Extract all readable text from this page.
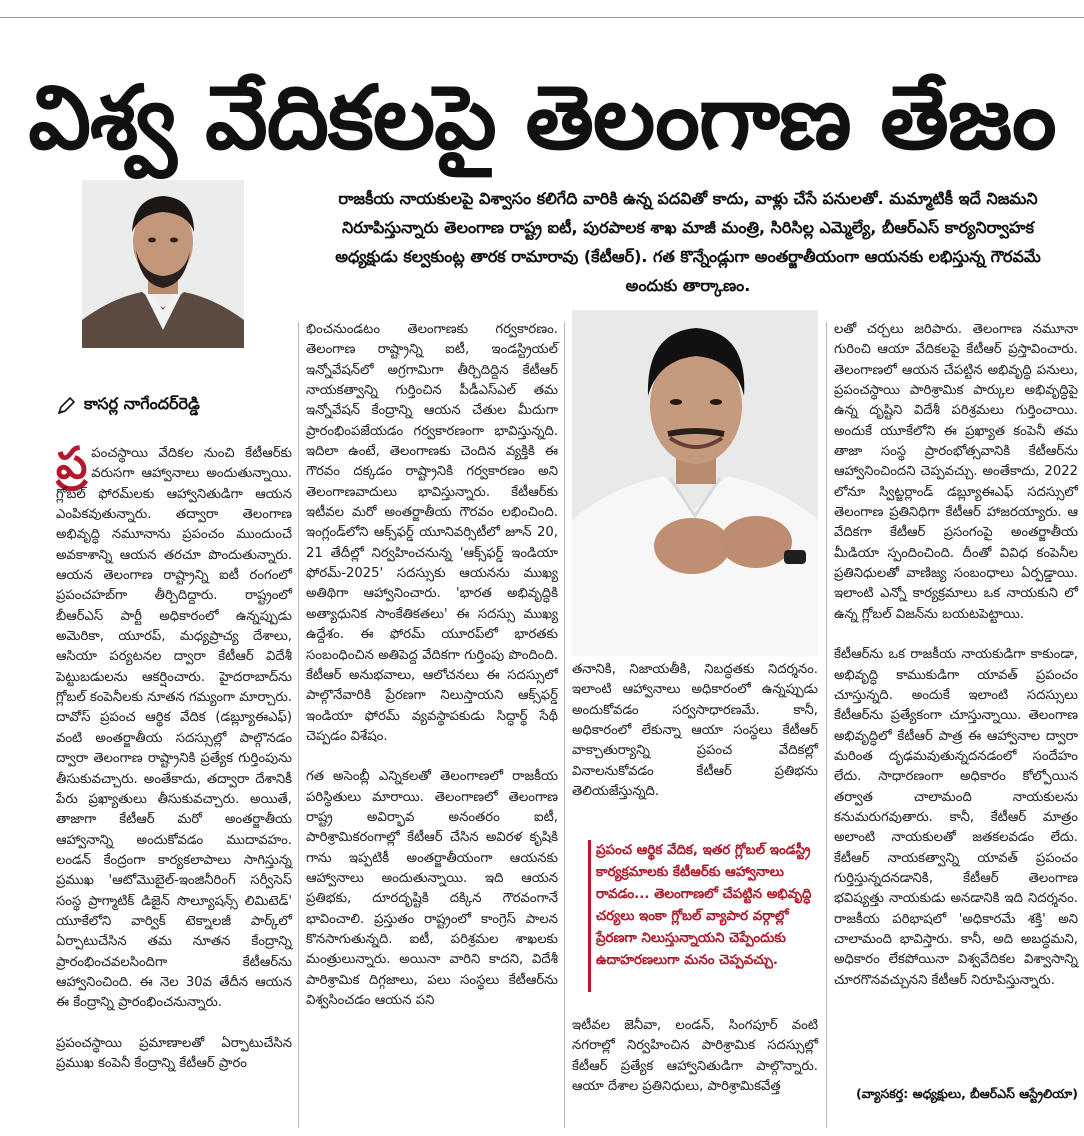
విశ్వ వేదికలపై తెలంగాణ తేజం
కాసర్ల నాగేందర్‌రెడ్డి

రాజకీయ నాయకులపై విశ్వాసం కలిగేది వారికి ఉన్న పదవితో కాదు, వాళ్లు చేసే పనులతో. మమ్మాటికీ ఇదే నిజమని నిరూపిస్తున్నారు తెలంగాణ రాష్ట్ర ఐటీ, పురపాలక శాఖ మాజీ మంత్రి, సిరిసిల్ల ఎమ్మెల్యే, బీఆర్‌ఎస్ కార్యనిర్వాహక అధ్యక్షుడు కల్వకుంట్ల తారక రామారావు (కేటీఆర్). గత కొన్నేండ్లుగా అంతర్జాతీయంగా ఆయనకు లభిస్తున్న గౌరవమే అందుకు తార్కాణం.

ప్ర పంచస్థాయి వేదికల నుంచి కేటీఆర్‌కు వరుసగా ఆహ్వానాలు అందుతున్నాయి. గ్లోబల్ ఫోరమ్‌లకు ఆహ్వానితుడిగా ఆయన ఎంపికవుతున్నారు. తద్వారా తెలంగాణ అభివృద్ధి నమూనాను ప్రపంచం ముందుంచే అవకాశాన్ని ఆయన తరచూ పొందుతున్నారు. ఆయన తెలంగాణ రాష్ట్రాన్ని ఐటీ రంగంలో ప్రపంచహబ్‌గా తీర్చిదిద్దారు. రాష్ట్రంలో బీఆర్‌ఎస్ పార్టీ అధికారంలో ఉన్నప్పుడు అమెరికా, యూరప్, మధ్యప్రాచ్య దేశాలు, ఆసియా పర్యటనల ద్వారా కేటీఆర్ విదేశీ పెట్టుబడులను ఆకర్షించారు. హైదరాబాద్‌ను గ్లోబల్ కంపెనీలకు నూతన గమ్యంగా మార్చారు. దావోస్ ప్రపంచ ఆర్థిక వేదిక (డబ్ల్యూఈఎఫ్) వంటి అంతర్జాతీయ సదస్సుల్లో పాల్గొనడం ద్వారా తెలంగాణ రాష్ట్రానికి ప్రత్యేక గుర్తింపును తీసుకువచ్చారు. అంతేకాదు, తద్వారా దేశానికీ పేరు ప్రఖ్యాతులు తీసుకువచ్చారు. అయితే, తాజాగా కేటీఆర్ మరో అంతర్జాతీయ ఆహ్వానాన్ని అందుకోవడం ముదావహం. లండన్ కేంద్రంగా కార్యకలాపాలు సాగిస్తున్న ప్రముఖ 'ఆటోమొబైల్-ఇంజినీరింగ్ సర్వీసెస్ సంస్థ ప్రాగ్మాటిక్ డిజైన్ సొల్యూషన్స్ లిమిటెడ్' యూకేలోని వార్విక్ టెక్నాలజీ పార్క్‌లో ఏర్పాటుచేసిన తమ నూతన కేంద్రాన్ని ప్రారంభించవలసిందిగా కేటీఆర్‌ను ఆహ్వానించింది. ఈ నెల 30వ తేదీన ఆయన ఈ కేంద్రాన్ని ప్రారంభించనున్నారు.

ప్రపంచస్థాయి ప్రమాణాలతో ఏర్పాటుచేసిన ప్రముఖ కంపెనీ కేంద్రాన్ని కేటీఆర్ ప్రారం

భించనుండటం తెలంగాణకు గర్వకారణం. తెలంగాణ రాష్ట్రాన్ని ఐటీ, ఇండస్ట్రియల్ ఇన్నోవేషన్‌లో అగ్రగామిగా తీర్చిదిద్దిన కేటీఆర్ నాయకత్వాన్ని గుర్తించిన పీడీఎస్‌ఎల్ తమ ఇన్నోవేషన్ కేంద్రాన్ని ఆయన చేతుల మీదుగా ప్రారంభింపజేయడం గర్వకారణంగా భావిస్తున్నది. ఇదిలా ఉంటే, తెలంగాణకు చెందిన వ్యక్తికి ఈ గౌరవం దక్కడం రాష్ట్రానికి గర్వకారణం అని తెలంగాణవాదులు భావిస్తున్నారు. కేటీఆర్‌కు ఇటీవల మరో అంతర్జాతీయ గౌరవం లభించింది. ఇంగ్లండ్‌లోని ఆక్స్‌ఫర్డ్ యూనివర్సిటీలో జూన్ 20, 21 తేదీల్లో నిర్వహించనున్న 'ఆక్స్‌ఫర్డ్ ఇండియా ఫోరమ్-2025' సదస్సుకు ఆయనను ముఖ్య అతిథిగా ఆహ్వానించారు. 'భారత అభివృద్ధికి అత్యాధునిక సాంకేతికతలు' ఈ సదస్సు ముఖ్య ఉద్దేశం. ఈ ఫోరమ్ యూరప్‌లో భారతకు సంబంధించిన అతిపెద్ద వేదికగా గుర్తింపు పొందింది. కేటీఆర్ అనుభవాలు, ఆలోచనలు ఈ సదస్సులో పాల్గొనేవారికి ప్రేరణగా నిలుస్తాయని ఆక్స్‌ఫర్డ్ ఇండియా ఫోరమ్ వ్యవస్థాపకుడు సిద్ధార్థ్ సేథీ చెప్పడం విశేషం.

గత అసెంబ్లీ ఎన్నికలతో తెలంగాణలో రాజకీయ పరిస్థితులు మారాయి. తెలంగాణలో తెలంగాణ రాష్ట్ర అవిర్భావ అనంతరం ఐటీ, పారిశ్రామికరంగాల్లో కేటీఆర్ చేసిన అవిరళ కృషికి గాను ఇప్పటికీ అంతర్జాతీయంగా ఆయనకు ఆహ్వానాలు అందుతున్నాయి. ఇది ఆయన ప్రతిభకు, దూరదృష్టికి దక్కిన గౌరవంగానే భావించాలి. ప్రస్తుతం రాష్ట్రంలో కాంగ్రెస్ పాలన కొనసాగుతున్నది. ఐటీ, పరిశ్రమల శాఖలకు మంత్రులున్నారు. అయినా వారిని కాదని, విదేశీ పారిశ్రామిక దిగ్గజాలు, పలు సంస్థలు కేటీఆర్‌ను విశ్వసించడం ఆయన పని

తనానికి, నిజాయతీకి, నిబద్ధతకు నిదర్శనం. ఇలాంటి ఆహ్వానాలు అధికారంలో ఉన్నప్పుడు అందుకోవడం సర్వసాధారణమే. కానీ, అధికారంలో లేకున్నా ఆయా సంస్థలు కేటీఆర్ వాక్చాతుర్యాన్ని ప్రపంచ వేదికల్లో వినాలనుకోవడం కేటీఆర్ ప్రతిభను తెలియజేస్తున్నది.

ప్రపంచ ఆర్థిక వేదిక, ఇతర గ్లోబల్ ఇండస్ట్రీ కార్యక్రమాలకు కేటీఆర్‌కు ఆహ్వానాలు రావడం... తెలంగాణలో చేపట్టిన అభివృద్ధి చర్యలు ఇంకా గ్లోబల్ వ్యాపార వర్గాల్లో ప్రేరణగా నిలుస్తున్నాయని చెప్పేందుకు ఉదాహరణలుగా మనం చెప్పవచ్చు.

ఇటీవల జెనీవా, లండన్, సింగపూర్ వంటి నగరాల్లో నిర్వహించిన పారిశ్రామిక సదస్సుల్లో కేటీఆర్ ప్రత్యేక ఆహ్వానితుడిగా పాల్గొన్నారు. ఆయా దేశాల ప్రతినిధులు, పారిశ్రామికవేత్త

లతో చర్చలు జరిపారు. తెలంగాణ నమూనా గురించి ఆయా వేదికలపై కేటీఆర్ ప్రస్తావించారు. తెలంగాణలో ఆయన చేపట్టిన అభివృద్ధి పనులు, ప్రపంచస్థాయి పారిశ్రామిక పార్కుల అభివృద్ధిపై ఉన్న దృష్టిని విదేశీ పరిశ్రమలు గుర్తించాయి. అందుకే యూకేలోని ఈ ప్రఖ్యాత కంపెనీ తమ తాజా సంస్థ ప్రారంభోత్సవానికి కేటీఆర్‌ను ఆహ్వానించిందని చెప్పవచ్చు. అంతేకాదు, 2022 లోనూ స్విట్జర్లాండ్ డబ్ల్యూఈఎఫ్ సదస్సులో తెలంగాణ ప్రతినిధిగా కేటీఆర్ హాజరయ్యారు. ఆ వేదికగా కేటీఆర్ ప్రసంగంపై అంతర్జాతీయ మీడియా స్పందించింది. దీంతో వివిధ కంపెనీల ప్రతినిధులతో వాణిజ్య సంబంధాలు ఏర్పడ్డాయి. ఇలాంటి ఎన్నో కార్యక్రమాలు ఒక నాయకుని లో ఉన్న గ్లోబల్ విజన్‌ను బయటపెట్టాయి.

కేటీఆర్‌ను ఒక రాజకీయ నాయకుడిగా కాకుండా, అభివృద్ధి కాముకుడిగా యావత్ ప్రపంచం చూస్తున్నది. అందుకే ఇలాంటి సదస్సులు కేటీఆర్‌ను ప్రత్యేకంగా చూస్తున్నాయి. తెలంగాణ అభివృద్ధిలో కేటీఆర్ పాత్ర ఈ ఆహ్వానాల ద్వారా మరింత దృఢమవుతున్నదనడంలో సందేహం లేదు. సాధారణంగా అధికారం కోల్పోయిన తర్వాత చాలామంది నాయకులను కనుమరుగవుతారు. కానీ, కేటీఆర్ మాత్రం అలాంటి నాయకులతో జతకలవడం లేదు. కేటీఆర్ నాయకత్వాన్ని యావత్ ప్రపంచం గుర్తిస్తున్నదనడానికి, కేటీఆర్ తెలంగాణ భవిష్యత్తు నాయకుడు అనడానికి ఇది నిదర్శనం. రాజకీయ పరిభాషలో 'అధికారమే శక్తి' అని చాలామంది భావిస్తారు. కానీ, అది అబద్ధమని, అధికారం లేకపోయినా విశ్వవేదికల విశ్వాసాన్ని చూరగొనవచ్చునని కేటీఆర్ నిరూపిస్తున్నారు.

(వ్యాసకర్త: అధ్యక్షులు, బీఆర్‌ఎస్ ఆస్ట్రేలియా)
